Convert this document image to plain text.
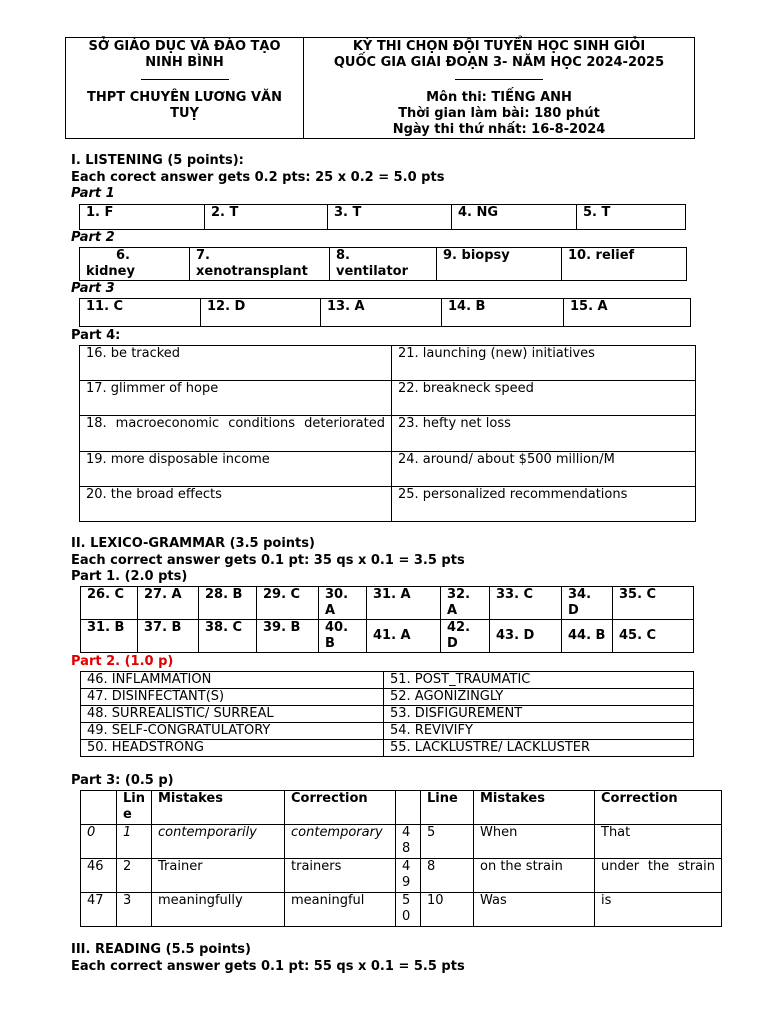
SỞ GIÁO DỤC VÀ ĐÀO TẠO
NINH BÌNH
THPT CHUYÊN LƯƠNG VĂN
TUỴ

KỲ THI CHỌN ĐỘI TUYỂN HỌC SINH GIỎI
QUỐC GIA GIAI ĐOẠN 3- NĂM HỌC 2024-2025
Môn thi: TIẾNG ANH
Thời gian làm bài: 180 phút
Ngày thi thứ nhất: 16-8-2024
I. LISTENING (5 points):
Each corect answer gets 0.2 pts: 25 x 0.2 = 5.0 pts
Part 1
1. F	2. T	3. T	4. NG	5. T
Part 2
6.
kidney

7.
xenotransplant

8.
ventilator

9. biopsy	10. relief
Part 3
11. C	12. D	13. A	14. B	15. A
Part 4:
16. be tracked	21. launching (new) initiatives
17. glimmer of hope	22. breakneck speed
18. macroeconomic conditions deteriorated	23. hefty net loss
19. more disposable income	24. around/ about $500 million/M
20. the broad effects	25. personalized recommendations
II. LEXICO-GRAMMAR (3.5 points)
Each correct answer gets 0.1 pt: 35 qs x 0.1 = 3.5 pts
Part 1. (2.0 pts)
26. C	27. A	28. B	29. C	30. A	31. A	32. A	33. C	34. D	35. C
31. B	37. B	38. C	39. B	40. B	41. A	42. D	43. D	44. B	45. C
Part 2. (1.0 p)
46. INFLAMMATION	51. POST_TRAUMATIC
47. DISINFECTANT(S)	52. AGONIZINGLY
48. SURREALISTIC/ SURREAL	53. DISFIGUREMENT
49. SELF-CONGRATULATORY	54. REVIVIFY
50. HEADSTRONG	55. LACKLUSTRE/ LACKLUSTER
Part 3: (0.5 p)
	Line	Mistakes	Correction		Line	Mistakes	Correction
0	1	contemporarily	contemporary	48	5	When	That
46	2	Trainer	trainers	49	8	on the strain	under the strain
47	3	meaningfully	meaningful	50	10	Was	is
III. READING (5.5 points)
Each correct answer gets 0.1 pt: 55 qs x 0.1 = 5.5 pts
